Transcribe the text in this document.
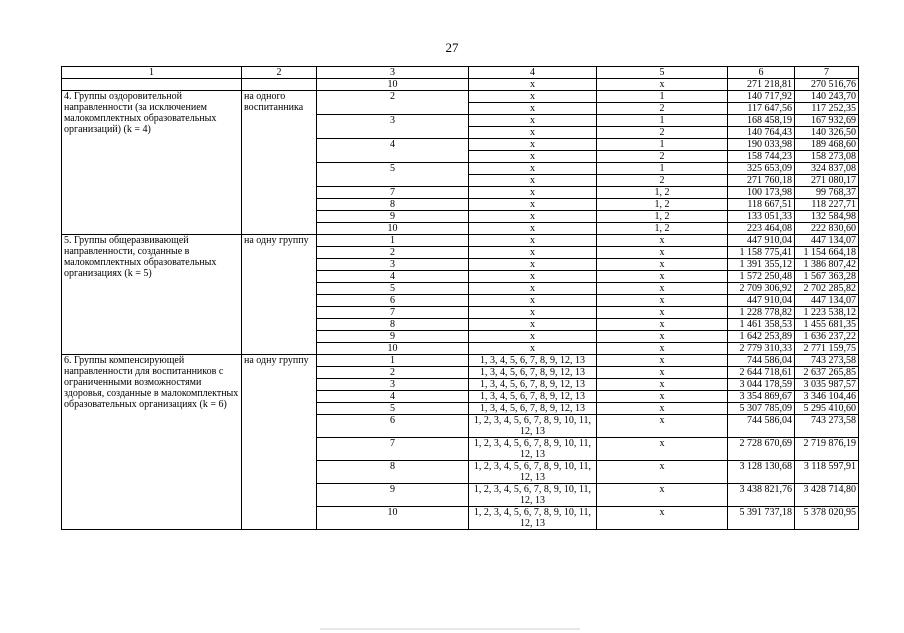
27
1	2	3	4	5	6	7
		10	x	x	271 218,81	270 516,76
4. Группы оздоровительной направленности (за исключением малокомплектных образовательных организаций) (k = 4)	на одного воспитанника	2	x	1	140 717,92	140 243,70
			x	2	117 647,56	117 252,35
		3	x	1	168 458,19	167 932,69
			x	2	140 764,43	140 326,50
		4	x	1	190 033,98	189 468,60
			x	2	158 744,23	158 273,08
		5	x	1	325 653,09	324 837,08
			x	2	271 760,18	271 080,17
		7	x	1, 2	100 173,98	99 768,37
		8	x	1, 2	118 667,51	118 227,71
		9	x	1, 2	133 051,33	132 584,98
		10	x	1, 2	223 464,08	222 830,60
5. Группы общеразвивающей направленности, созданные в малокомплектных образовательных организациях (k = 5)	на одну группу	1	x	x	447 910,04	447 134,07
		2	x	x	1 158 775,41	1 154 664,18
		3	x	x	1 391 355,12	1 386 807,42
		4	x	x	1 572 250,48	1 567 363,28
		5	x	x	2 709 306,92	2 702 285,82
		6	x	x	447 910,04	447 134,07
		7	x	x	1 228 778,82	1 223 538,12
		8	x	x	1 461 358,53	1 455 681,35
		9	x	x	1 642 253,89	1 636 237,22
		10	x	x	2 779 310,33	2 771 159,75
6. Группы компенсирующей направленности для воспитанников с ограниченными возможностями здоровья, созданные в малокомплектных образовательных организациях (k = 6)	на одну группу	1	1, 3, 4, 5, 6, 7, 8, 9, 12, 13	x	744 586,04	743 273,58
		2	1, 3, 4, 5, 6, 7, 8, 9, 12, 13	x	2 644 718,61	2 637 265,85
		3	1, 3, 4, 5, 6, 7, 8, 9, 12, 13	x	3 044 178,59	3 035 987,57
		4	1, 3, 4, 5, 6, 7, 8, 9, 12, 13	x	3 354 869,67	3 346 104,46
		5	1, 3, 4, 5, 6, 7, 8, 9, 12, 13	x	5 307 785,09	5 295 410,60
		6	1, 2, 3, 4, 5, 6, 7, 8, 9, 10, 11, 12, 13	x	744 586,04	743 273,58
		7	1, 2, 3, 4, 5, 6, 7, 8, 9, 10, 11, 12, 13	x	2 728 670,69	2 719 876,19
		8	1, 2, 3, 4, 5, 6, 7, 8, 9, 10, 11, 12, 13	x	3 128 130,68	3 118 597,91
		9	1, 2, 3, 4, 5, 6, 7, 8, 9, 10, 11, 12, 13	x	3 438 821,76	3 428 714,80
		10	1, 2, 3, 4, 5, 6, 7, 8, 9, 10, 11, 12, 13	x	5 391 737,18	5 378 020,95
